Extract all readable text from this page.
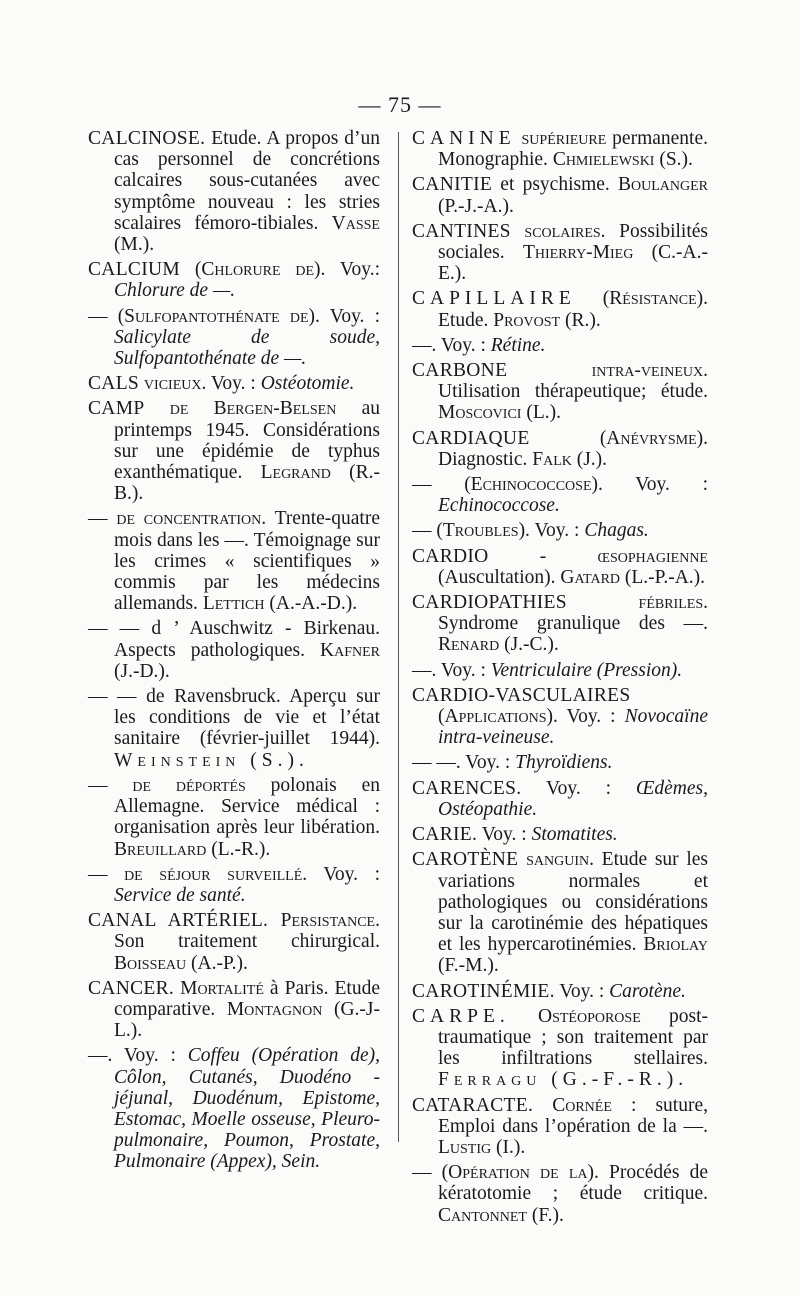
— 75 —

CALCINOSE. Etude. A propos d’un cas personnel de concrétions calcaires sous-cutanées avec symptôme nouveau : les stries scalaires fémoro-tibiales. Vasse (M.).

CALCIUM (Chlorure de). Voy.: Chlorure de —.

— (Sulfopantothénate de). Voy. : Salicylate de soude, Sulfopantothénate de —.

CALS vicieux. Voy. : Ostéotomie.

CAMP de Bergen-Belsen au printemps 1945. Considérations sur une épidémie de typhus exanthématique. Legrand (R.-B.).

— de concentration. Trente-quatre mois dans les —. Témoignage sur les crimes « scientifiques » commis par les médecins allemands. Lettich (A.-A.-D.).

— — d ’ Auschwitz - Birkenau. Aspects pathologiques. Kafner (J.-D.).

— — de Ravensbruck. Aperçu sur les conditions de vie et l’état sanitaire (février-juillet 1944). Weinstein (S.).

— de déportés polonais en Allemagne. Service médical : organisation après leur libération. Breuillard (L.-R.).

— de séjour surveillé. Voy. : Service de santé.

CANAL ARTÉRIEL. Persistance. Son traitement chirurgical. Boisseau (A.-P.).

CANCER. Mortalité à Paris. Etude comparative. Montagnon (G.-J-L.).

—. Voy. : Coffeu (Opération de), Côlon, Cutanés, Duodéno - jéjunal, Duodénum, Epistome, Estomac, Moelle osseuse, Pleuro-pulmonaire, Poumon, Prostate, Pulmonaire (Appex), Sein.

CANINE supérieure permanente. Monographie. Chmielewski (S.).

CANITIE et psychisme. Boulanger (P.-J.-A.).

CANTINES scolaires. Possibilités sociales. Thierry-Mieg (C.-A.-E.).

CAPILLAIRE (Résistance). Etude. Provost (R.).

—. Voy. : Rétine.

CARBONE intra-veineux. Utilisation thérapeutique; étude. Moscovici (L.).

CARDIAQUE (Anévrysme). Diagnostic. Falk (J.).

— (Echinococcose). Voy. : Echinococcose.

— (Troubles). Voy. : Chagas.

CARDIO - œsophagienne (Auscultation). Gatard (L.-P.-A.).

CARDIOPATHIES fébriles. Syndrome granulique des —. Renard (J.-C.).

—. Voy. : Ventriculaire (Pression).

CARDIO-VASCULAIRES (Applications). Voy. : Novocaïne intra-veineuse.

— —. Voy. : Thyroïdiens.

CARENCES. Voy. : Œdèmes, Ostéopathie.

CARIE. Voy. : Stomatites.

CAROTÈNE sanguin. Etude sur les variations normales et pathologiques ou considérations sur la carotinémie des hépatiques et les hypercarotinémies. Briolay (F.-M.).

CAROTINÉMIE. Voy. : Carotène.

CARPE. Ostéoporose post-traumatique ; son traitement par les infiltrations stellaires. Ferragu (G.-F.-R.).

CATARACTE. Cornée : suture, Emploi dans l’opération de la —. Lustig (I.).

— (Opération de la). Procédés de kératotomie ; étude critique. Cantonnet (F.).
